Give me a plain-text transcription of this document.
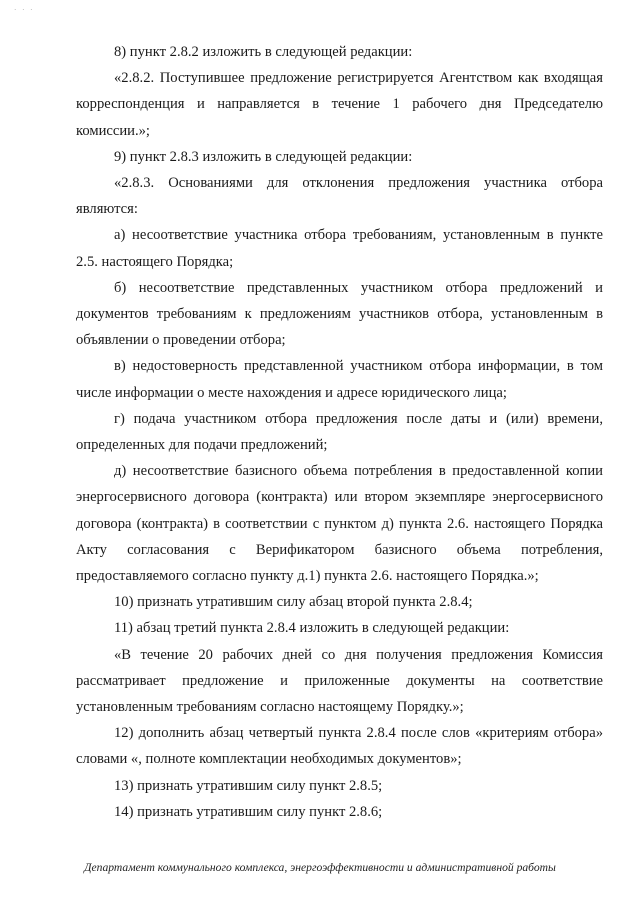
· · ·

8) пункт 2.8.2 изложить в следующей редакции:

«2.8.2. Поступившее предложение регистрируется Агентством как входящая корреспонденция и направляется в течение 1 рабочего дня Председателю комиссии.»;

9) пункт 2.8.3 изложить в следующей редакции:

«2.8.3. Основаниями для отклонения предложения участника отбора являются:

а) несоответствие участника отбора требованиям, установленным в пункте 2.5. настоящего Порядка;

б) несоответствие представленных участником отбора предложений и документов требованиям к предложениям участников отбора, установленным в объявлении о проведении отбора;

в) недостоверность представленной участником отбора информации, в том числе информации о месте нахождения и адресе юридического лица;

г) подача участником отбора предложения после даты и (или) времени, определенных для подачи предложений;

д) несоответствие базисного объема потребления в предоставленной копии энергосервисного договора (контракта) или втором экземпляре энергосервисного договора (контракта) в соответствии с пунктом д) пункта 2.6. настоящего Порядка Акту согласования с Верификатором базисного объема потребления, предоставляемого согласно пункту д.1) пункта 2.6. настоящего Порядка.»;

10) признать утратившим силу абзац второй пункта 2.8.4;

11) абзац третий пункта 2.8.4 изложить в следующей редакции:

«В течение 20 рабочих дней со дня получения предложения Комиссия рассматривает предложение и приложенные документы на соответствие установленным требованиям согласно настоящему Порядку.»;

12) дополнить абзац четвертый пункта 2.8.4 после слов «критериям отбора» словами «, полноте комплектации необходимых документов»;

13) признать утратившим силу пункт 2.8.5;

14) признать утратившим силу пункт 2.8.6;

Департамент коммунального комплекса, энергоэффективности и административной работы
